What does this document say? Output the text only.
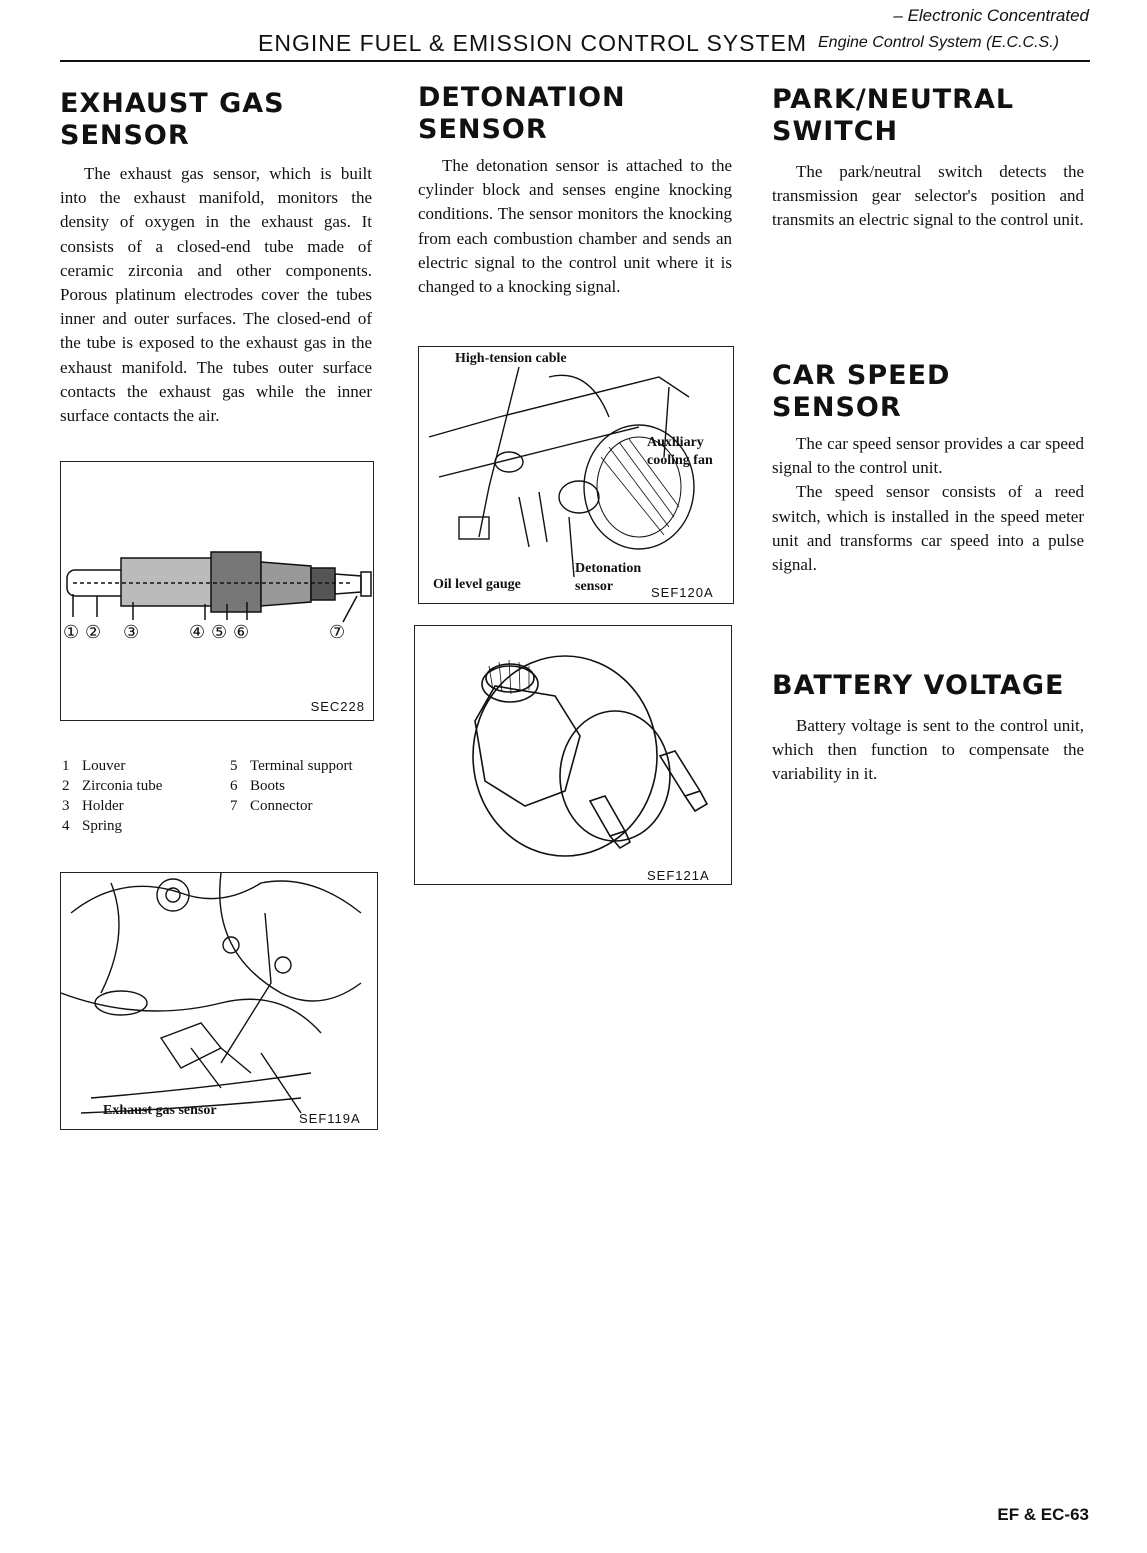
– Electronic Concentrated
ENGINE FUEL & EMISSION CONTROL SYSTEM Engine Control System (E.C.C.S.)
EXHAUST GAS
SENSOR

The exhaust gas sensor, which is built into the exhaust manifold, monitors the density of oxygen in the exhaust gas. It consists of a closed-end tube made of ceramic zirconia and other components. Porous platinum electrodes cover the tubes inner and outer surfaces. The closed-end of the tube is exposed to the exhaust gas in the exhaust manifold. The tubes outer surface contacts the exhaust gas while the inner surface contacts the air.

① ② ③	④ ⑤ ⑥	⑦
SEC228
1 Louver
2 Zirconia tube
3 Holder
4 Spring
5 Terminal support
6 Boots
7 Connector
Exhaust gas sensor
SEF119A
DETONATION
SENSOR

The detonation sensor is attached to the cylinder block and senses engine knocking conditions. The sensor monitors the knocking from each combustion chamber and sends an electric signal to the control unit where it is changed to a knocking signal.

High-tension cable
Auxiliary
cooling fan
Detonation
sensor
Oil level gauge
SEF120A
SEF121A
PARK/NEUTRAL
SWITCH

The park/neutral switch detects the transmission gear selector's position and transmits an electric signal to the control unit.

CAR SPEED SENSOR

The car speed sensor provides a car speed signal to the control unit.

The speed sensor consists of a reed switch, which is installed in the speed meter unit and transforms car speed into a pulse signal.

BATTERY VOLTAGE

Battery voltage is sent to the control unit, which then function to compensate the variability in it.

EF & EC-63
